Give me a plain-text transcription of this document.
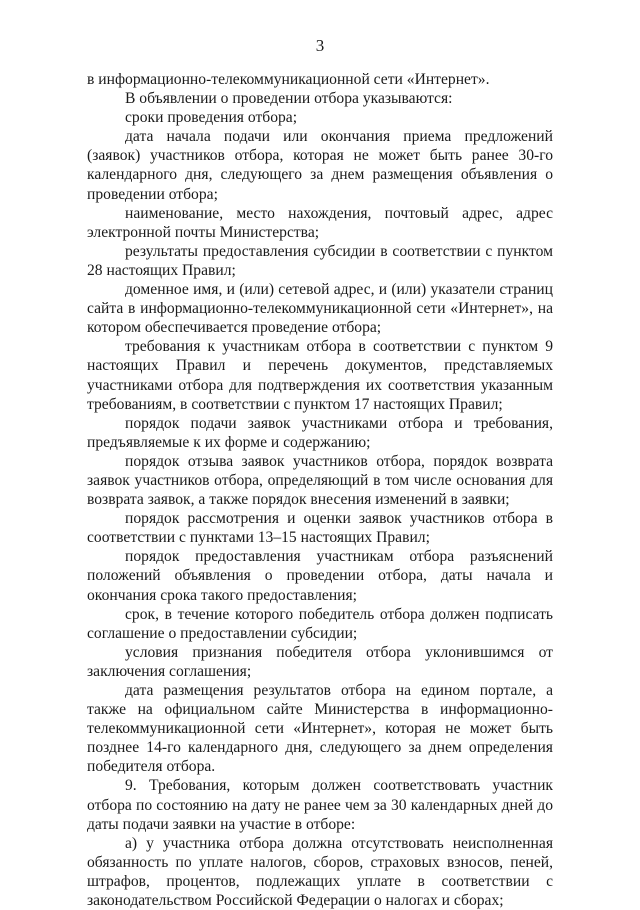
3

в информационно-телекоммуникационной сети «Интернет».

В объявлении о проведении отбора указываются:

сроки проведения отбора;

дата начала подачи или окончания приема предложений (заявок) участников отбора, которая не может быть ранее 30-го календарного дня, следующего за днем размещения объявления о проведении отбора;

наименование, место нахождения, почтовый адрес, адрес электронной почты Министерства;

результаты предоставления субсидии в соответствии с пунктом 28 настоящих Правил;

доменное имя, и (или) сетевой адрес, и (или) указатели страниц сайта в информационно-телекоммуникационной сети «Интернет», на котором обеспечивается проведение отбора;

требования к участникам отбора в соответствии с пунктом 9 настоящих Правил и перечень документов, представляемых участниками отбора для подтверждения их соответствия указанным требованиям, в соответствии с пунктом 17 настоящих Правил;

порядок подачи заявок участниками отбора и требования, предъявляемые к их форме и содержанию;

порядок отзыва заявок участников отбора, порядок возврата заявок участников отбора, определяющий в том числе основания для возврата заявок, а также порядок внесения изменений в заявки;

порядок рассмотрения и оценки заявок участников отбора в соответствии с пунктами 13–15 настоящих Правил;

порядок предоставления участникам отбора разъяснений положений объявления о проведении отбора, даты начала и окончания срока такого предоставления;

срок, в течение которого победитель отбора должен подписать соглашение о предоставлении субсидии;

условия признания победителя отбора уклонившимся от заключения соглашения;

дата размещения результатов отбора на едином портале, а также на официальном сайте Министерства в информационно-телекоммуникационной сети «Интернет», которая не может быть позднее 14-го календарного дня, следующего за днем определения победителя отбора.

9. Требования, которым должен соответствовать участник отбора по состоянию на дату не ранее чем за 30 календарных дней до даты подачи заявки на участие в отборе:

а) у участника отбора должна отсутствовать неисполненная обязанность по уплате налогов, сборов, страховых взносов, пеней, штрафов, процентов, подлежащих уплате в соответствии с законодательством Российской Федерации о налогах и сборах;
